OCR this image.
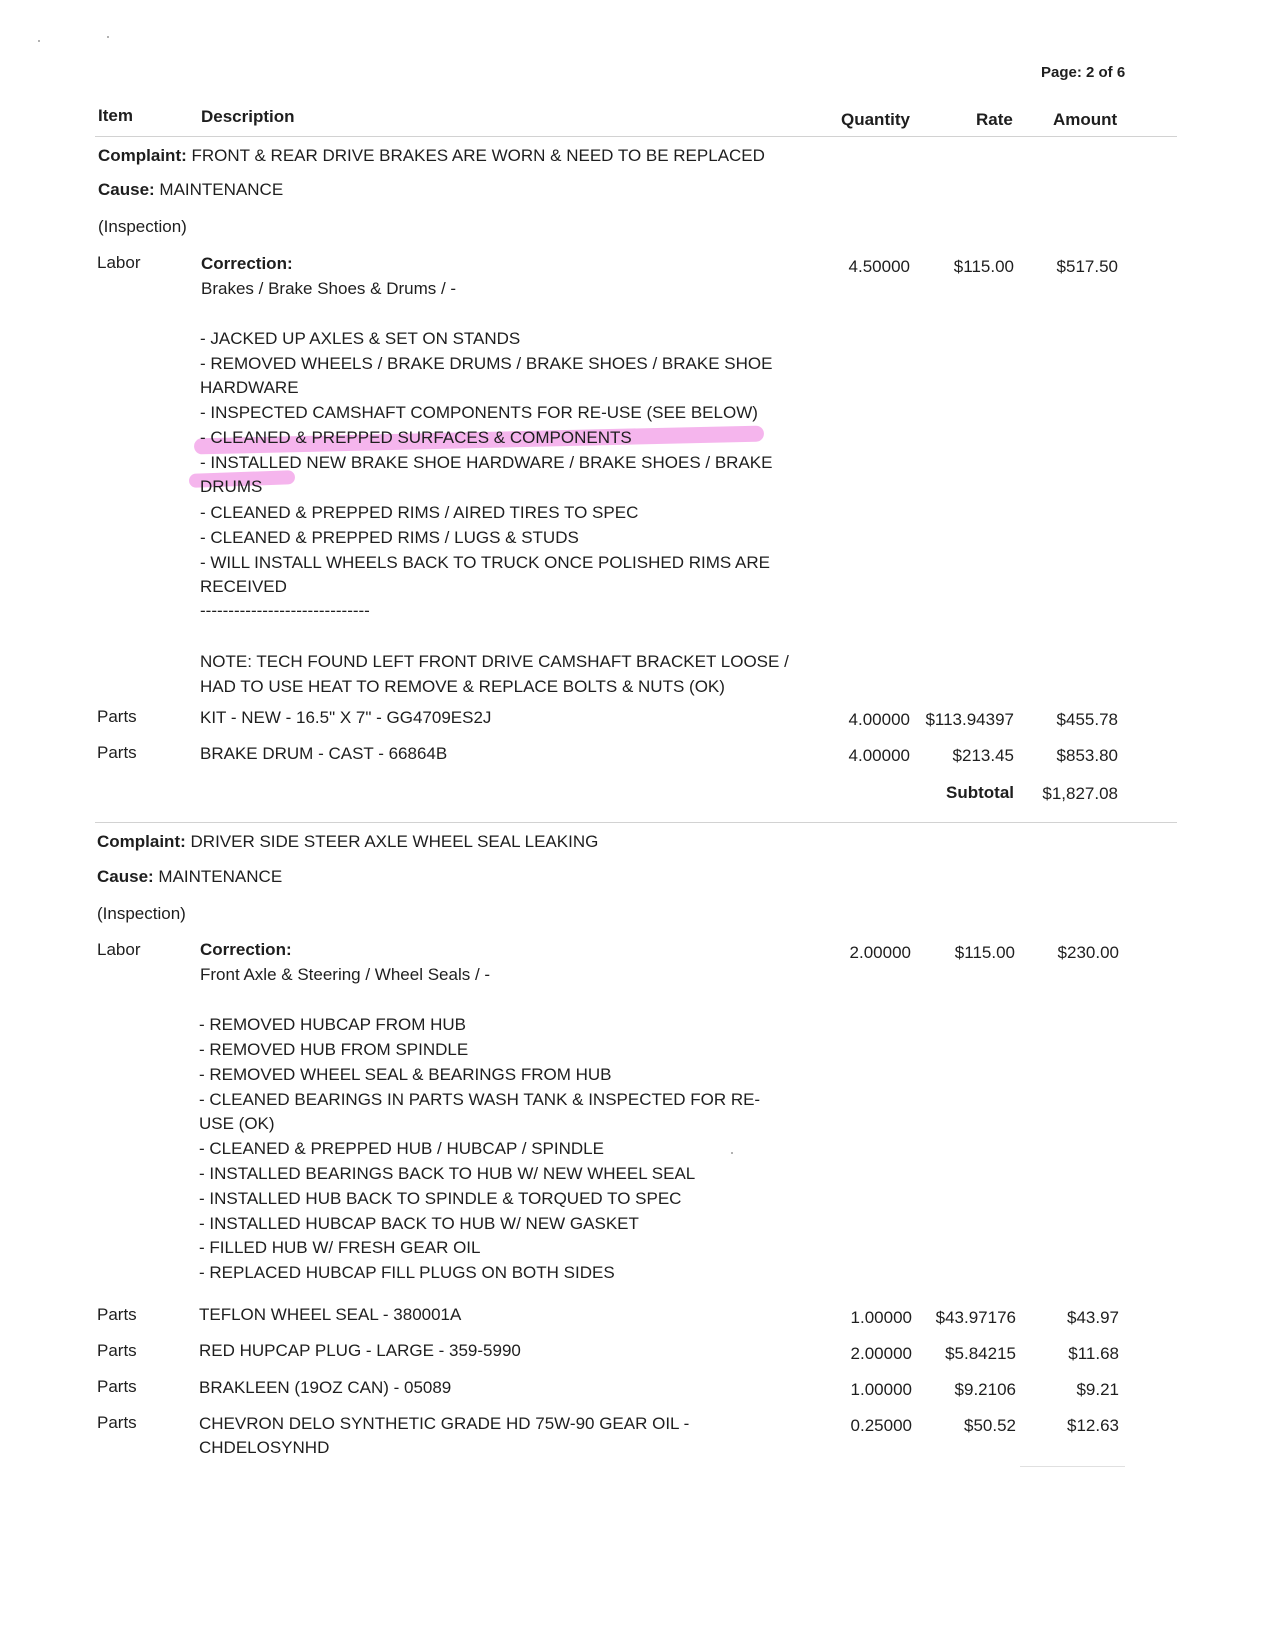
Page: 2 of 6
Item	Description	Quantity	Rate Amount
Complaint: FRONT & REAR DRIVE BRAKES ARE WORN & NEED TO BE REPLACED
Cause: MAINTENANCE
(Inspection)
Labor	Correction:
Brakes / Brake Shoes & Drums / -
4.50000	$115.00	$517.50
- JACKED UP AXLES & SET ON STANDS
- REMOVED WHEELS / BRAKE DRUMS / BRAKE SHOES / BRAKE SHOE
HARDWARE
- INSPECTED CAMSHAFT COMPONENTS FOR RE-USE (SEE BELOW)
- CLEANED & PREPPED SURFACES & COMPONENTS
- INSTALLED NEW BRAKE SHOE HARDWARE / BRAKE SHOES / BRAKE
DRUMS
- CLEANED & PREPPED RIMS / AIRED TIRES TO SPEC
- CLEANED & PREPPED RIMS / LUGS & STUDS
- WILL INSTALL WHEELS BACK TO TRUCK ONCE POLISHED RIMS ARE
RECEIVED
------------------------------
NOTE: TECH FOUND LEFT FRONT DRIVE CAMSHAFT BRACKET LOOSE /
HAD TO USE HEAT TO REMOVE & REPLACE BOLTS & NUTS (OK)
Parts	KIT - NEW - 16.5" X 7" - GG4709ES2J	4.00000 $113.94397	$455.78
Parts	BRAKE DRUM - CAST - 66864B	4.00000	$213.45	$853.80
Subtotal $1,827.08
Complaint: DRIVER SIDE STEER AXLE WHEEL SEAL LEAKING
Cause: MAINTENANCE
(Inspection)
Labor	Correction:
Front Axle & Steering / Wheel Seals / -
2.00000	$115.00	$230.00
- REMOVED HUBCAP FROM HUB
- REMOVED HUB FROM SPINDLE
- REMOVED WHEEL SEAL & BEARINGS FROM HUB
- CLEANED BEARINGS IN PARTS WASH TANK & INSPECTED FOR RE-
USE (OK)
- CLEANED & PREPPED HUB / HUBCAP / SPINDLE
- INSTALLED BEARINGS BACK TO HUB W/ NEW WHEEL SEAL
- INSTALLED HUB BACK TO SPINDLE & TORQUED TO SPEC
- INSTALLED HUBCAP BACK TO HUB W/ NEW GASKET
- FILLED HUB W/ FRESH GEAR OIL
- REPLACED HUBCAP FILL PLUGS ON BOTH SIDES
Parts	TEFLON WHEEL SEAL - 380001A	1.00000 $43.97176	$43.97
Parts	RED HUPCAP PLUG - LARGE - 359-5990	2.00000 $5.84215	$11.68
Parts	BRAKLEEN (19OZ CAN) - 05089	1.00000	$9.2106	$9.21
Parts	CHEVRON DELO SYNTHETIC GRADE HD 75W-90 GEAR OIL -
CHDELOSYNHD
0.25000	$50.52	$12.63
